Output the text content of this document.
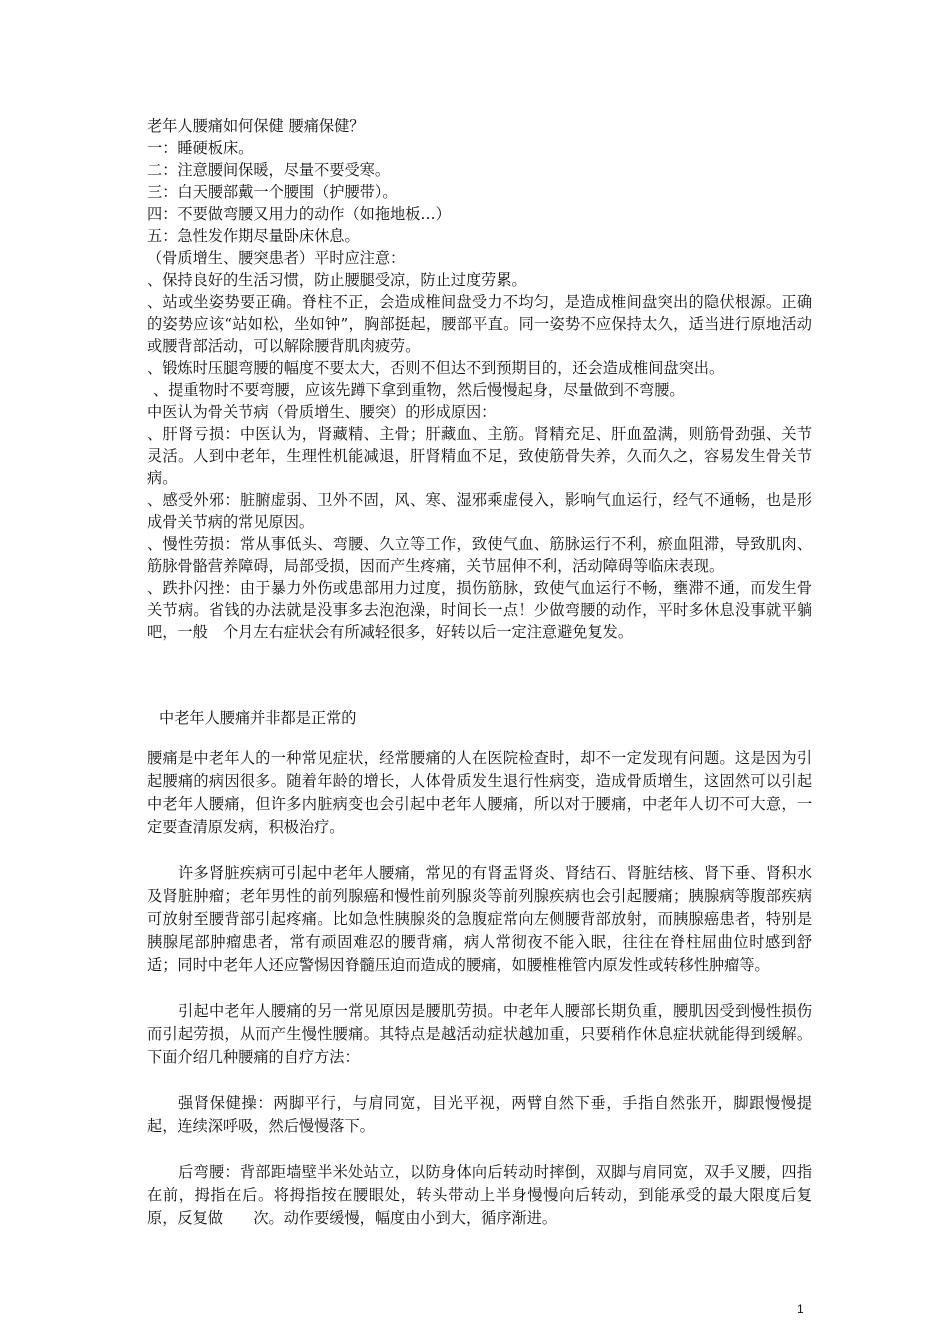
老年人腰痛如何保健 腰痛保健？
一：睡硬板床。
二：注意腰间保暖，尽量不要受寒。
三：白天腰部戴一个腰围（护腰带）。
四：不要做弯腰又用力的动作（如拖地板…）
五：急性发作期尽量卧床休息。
（骨质增生、腰突患者）平时应注意：
、保持良好的生活习惯，防止腰腿受凉，防止过度劳累。
、站或坐姿势要正确。脊柱不正，会造成椎间盘受力不均匀，是造成椎间盘突出的隐伏根源。正确的姿势应该“站如松，坐如钟”，胸部挺起，腰部平直。同一姿势不应保持太久，适当进行原地活动或腰背部活动，可以解除腰背肌肉疲劳。
、锻炼时压腿弯腰的幅度不要太大，否则不但达不到预期目的，还会造成椎间盘突出。
、提重物时不要弯腰，应该先蹲下拿到重物，然后慢慢起身，尽量做到不弯腰。
中医认为骨关节病（骨质增生、腰突）的形成原因：
、肝肾亏损：中医认为，肾藏精、主骨；肝藏血、主筋。肾精充足、肝血盈满，则筋骨劲强、关节灵活。人到中老年，生理性机能减退，肝肾精血不足，致使筋骨失养，久而久之，容易发生骨关节病。
、感受外邪：脏腑虚弱、卫外不固，风、寒、湿邪乘虚侵入，影响气血运行，经气不通畅，也是形成骨关节病的常见原因。
、慢性劳损：常从事低头、弯腰、久立等工作，致使气血、筋脉运行不利，瘀血阻滞，导致肌肉、筋脉骨骼营养障碍，局部受损，因而产生疼痛，关节屈伸不利，活动障碍等临床表现。
、跌扑闪挫：由于暴力外伤或患部用力过度，损伤筋脉，致使气血运行不畅，壅滞不通，而发生骨关节病。省钱的办法就是没事多去泡泡澡，时间长一点！少做弯腰的动作，平时多休息没事就平躺吧，一般　个月左右症状会有所减轻很多，好转以后一定注意避免复发。
中老年人腰痛并非都是正常的

腰痛是中老年人的一种常见症状，经常腰痛的人在医院检查时，却不一定发现有问题。这是因为引起腰痛的病因很多。随着年龄的增长，人体骨质发生退行性病变，造成骨质增生，这固然可以引起中老年人腰痛，但许多内脏病变也会引起中老年人腰痛，所以对于腰痛，中老年人切不可大意，一定要查清原发病，积极治疗。

许多肾脏疾病可引起中老年人腰痛，常见的有肾盂肾炎、肾结石、肾脏结核、肾下垂、肾积水及肾脏肿瘤；老年男性的前列腺癌和慢性前列腺炎等前列腺疾病也会引起腰痛；胰腺病等腹部疾病可放射至腰背部引起疼痛。比如急性胰腺炎的急腹症常向左侧腰背部放射，而胰腺癌患者，特别是胰腺尾部肿瘤患者，常有顽固难忍的腰背痛，病人常彻夜不能入眠，往往在脊柱屈曲位时感到舒适；同时中老年人还应警惕因脊髓压迫而造成的腰痛，如腰椎椎管内原发性或转移性肿瘤等。

引起中老年人腰痛的另一常见原因是腰肌劳损。中老年人腰部长期负重，腰肌因受到慢性损伤而引起劳损，从而产生慢性腰痛。其特点是越活动症状越加重，只要稍作休息症状就能得到缓解。下面介绍几种腰痛的自疗方法：

强肾保健操：两脚平行，与肩同宽，目光平视，两臂自然下垂，手指自然张开，脚跟慢慢提起，连续深呼吸，然后慢慢落下。

后弯腰：背部距墙壁半米处站立，以防身体向后转动时摔倒，双脚与肩同宽，双手叉腰，四指在前，拇指在后。将拇指按在腰眼处，转头带动上半身慢慢向后转动，到能承受的最大限度后复原，反复做　　次。动作要缓慢，幅度由小到大，循序渐进。

1
